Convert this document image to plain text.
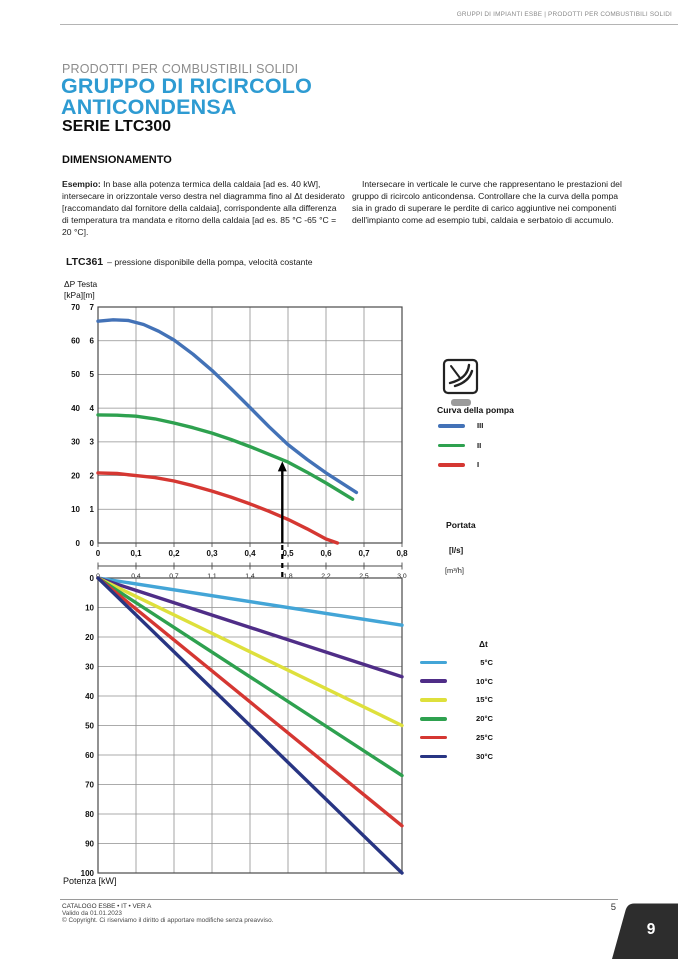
GRUPPI DI IMPIANTI ESBE | PRODOTTI PER COMBUSTIBILI SOLIDI
PRODOTTI PER COMBUSTIBILI SOLIDI
GRUPPO DI RICIRCOLO
ANTICONDENSA
SERIE LTC300
DIMENSIONAMENTO

Esempio: In base alla potenza termica della caldaia [ad es. 40 kW], intersecare in orizzontale verso destra nel diagramma fino al Δt desiderato [raccomandato dal fornitore della caldaia], corrispondente alla differenza di temperatura tra mandata e ritorno della caldaia [ad es. 85 °C -65 °C = 20 °C].

Intersecare in verticale le curve che rappresentano le prestazioni del gruppo di ricircolo anticondensa. Controllare che la curva della pompa sia in grado di superare le perdite di carico aggiuntive nei componenti dell'impianto come ad esempio tubi, caldaia e serbatoio di accumulo.

LTC361 – pressione disponibile della pompa, velocità costante
ΔP Testa
[kPa][m]
0	0,1	0,2	0,3	0,4	0,5	0,6	0,7	0,8
70 7
60 6
50 5
40 4
30 3
20 2
10 1
0 0
0	0,4	0,7	1,1	1,4	1,8	2,2	2,5	3,0
0
10
20
30
40
50
60
70
80
90
100
Curva della pompa
III
II
I
Portata
[l/s]
[m³/h]
Δt
5°C
10°C
15°C
20°C
25°C
30°C
Potenza [kW]
CATALOGO ESBE • IT • VER A
Valido da 01.01.2023
© Copyright. Ci riserviamo il diritto di apportare modifiche senza preavviso.
5
9
